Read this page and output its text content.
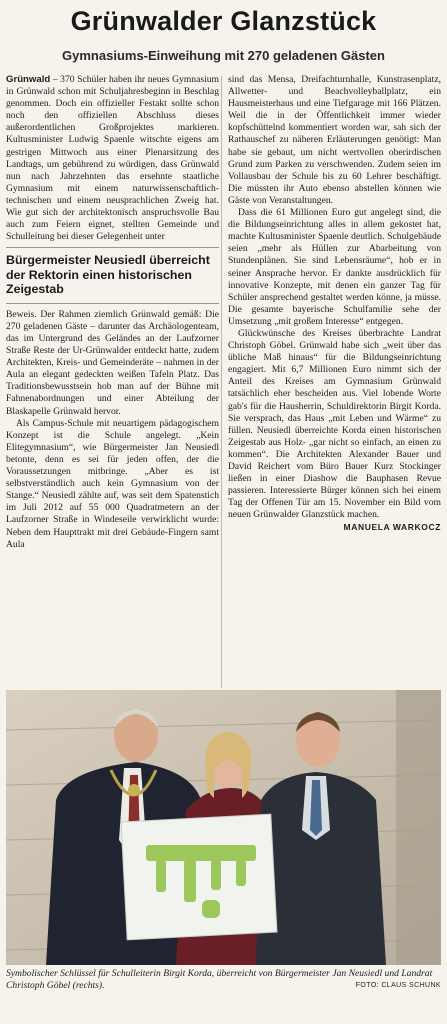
Grünwalder Glanzstück
Gymnasiums-Einweihung mit 270 geladenen Gästen

Grünwald – 370 Schüler haben ihr neues Gymnasium in Grünwald schon mit Schuljahresbeginn in Beschlag genommen. Doch ein offizieller Festakt sollte schon noch den offiziellen Abschluss dieses außerordentlichen Großprojektes markieren. Kultusminister Ludwig Spaenle witschte eigens am gestrigen Mittwoch aus einer Plenarsitzung des Landtags, um gebührend zu würdigen, dass Grünwald nun nach Jahrzehnten das ersehnte staatliche Gymnasium mit einem naturwissenschaftlich-technischen und einem neusprachlichen Zweig hat. Wie gut sich der architektonisch anspruchsvolle Bau auch zum Feiern eignet, stellten Gemeinde und Schulleitung bei dieser Gelegenheit unter

Bürgermeister Neusiedl überreicht der Rektorin einen historischen Zeigestab

Beweis. Der Rahmen ziemlich Grünwald gemäß: Die 270 geladenen Gäste – darunter das Archäologenteam, das im Untergrund des Geländes an der Laufzorner Straße Reste der Ur-Grünwalder entdeckt hatte, zudem Architekten, Kreis- und Gemeinderäte – nahmen in der Aula an elegant gedeckten weißen Tafeln Platz. Das Traditionsbewusstsein hob man auf der Bühne mit Fahnenabordnungen und einer Abteilung der Blaskapelle Grünwald hervor.

Als Campus-Schule mit neuartigem pädagogischem Konzept ist die Schule angelegt. „Kein Elitegymnasium“, wie Bürgermeister Jan Neusiedl betonte, denn es sei für jeden offen, der die Voraussetzungen mitbringe. „Aber es ist selbstverständlich auch kein Gymnasium von der Stange.“ Neusiedl zählte auf, was seit dem Spatenstich im Juli 2012 auf 55 000 Quadratmetern an der Laufzorner Straße in Windeseile verwirklicht wurde: Neben dem Haupttrakt mit drei Gebäude-Fingern samt Aula

sind das Mensa, Dreifachturnhalle, Kunstrasenplatz, Allwetter- und Beachvolleyballplatz, ein Hausmeisterhaus und eine Tiefgarage mit 166 Plätzen. Weil die in der Öffentlichkeit immer wieder kopfschüttelnd kommentiert worden war, sah sich der Rathauschef zu näheren Erläuterungen genötigt: Man habe sie gebaut, um nicht wertvollen oberirdischen Grund zum Parken zu verschwenden. Zudem seien im Vollausbau der Schule bis zu 60 Lehrer beschäftigt. Die müssten ihr Auto ebenso abstellen können wie Gäste von Veranstaltungen.

Dass die 61 Millionen Euro gut angelegt sind, die die Bildungseinrichtung alles in allem gekostet hat, machte Kultusminister Spaenle deutlich. Schulgebäude seien „mehr als Hüllen zur Abarbeitung von Stundenplänen. Sie sind Lebensräume“, hob er in seiner Ansprache hervor. Er dankte ausdrücklich für innovative Konzepte, mit denen ein ganzer Tag für Schüler ansprechend gestaltet werden könne, ja müsse. Die gesamte bayerische Schulfamilie sehe der Umsetzung „mit großem Interesse“ entgegen.

Glückwünsche des Kreises überbrachte Landrat Christoph Göbel. Grünwald habe sich „weit über das übliche Maß hinaus“ für die Bildungseinrichtung engagiert. Mit 6,7 Millionen Euro nimmt sich der Anteil des Kreises am Gymnasium Grünwald tatsächlich eher bescheiden aus. Viel lobende Worte gab's für die Hausherrin, Schuldirektorin Birgit Korda. Sie versprach, das Haus „mit Leben und Wärme“ zu füllen. Neusiedl überreichte Korda einen historischen Zeigestab aus Holz- „gar nicht so einfach, an einen zu kommen“. Die Architekten Alexander Bauer und David Reichert vom Büro Bauer Kurz Stockinger ließen in einer Diashow die Bauphasen Revue passieren. Interessierte Bürger können sich bei einem Tag der Offenen Tür am 15. November ein Bild vom neuen Grünwalder Glanzstück machen.
MANUELA WARKOCZ

Symbolischer Schlüssel für Schulleiterin Birgit Korda, überreicht von Bürgermeister Jan Neusiedl und Landrat Christoph Göbel (rechts).	FOTO: CLAUS SCHUNK
